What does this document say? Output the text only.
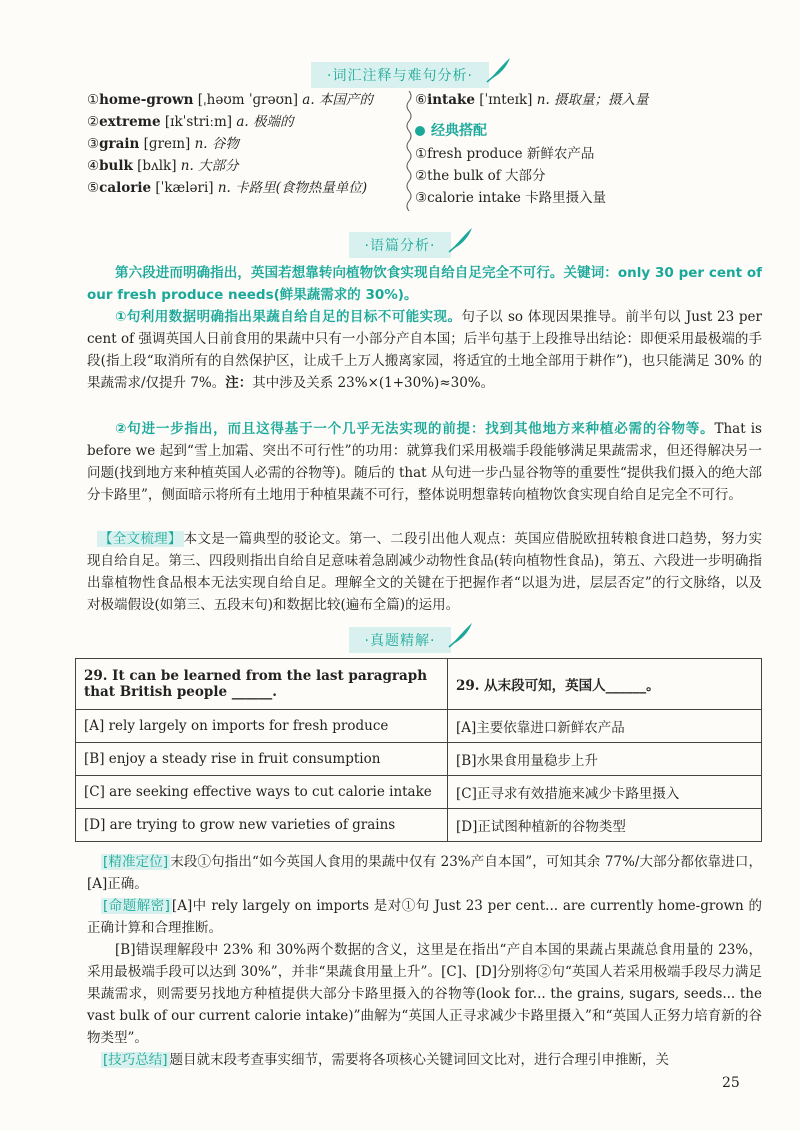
·词汇注释与难句分析·
①home-grown [ˌhəʊm ˈɡrəʊn] a. 本国产的
②extreme [ɪkˈstriːm] a. 极端的
③grain [ɡreɪn] n. 谷物
④bulk [bʌlk] n. 大部分
⑤calorie [ˈkæləri] n. 卡路里(食物热量单位)
⑥intake [ˈɪnteɪk] n. 摄取量；摄入量
经典搭配
①fresh produce 新鲜农产品
②the bulk of 大部分
③calorie intake 卡路里摄入量
·语篇分析·
第六段进而明确指出，英国若想靠转向植物饮食实现自给自足完全不可行。关键词：only 30 per cent of our fresh produce needs(鲜果蔬需求的 30%)。
①句利用数据明确指出果蔬自给自足的目标不可能实现。句子以 so 体现因果推导。前半句以 Just 23 per cent of 强调英国人日前食用的果蔬中只有一小部分产自本国；后半句基于上段推导出结论：即便采用最极端的手段(指上段“取消所有的自然保护区，让成千上万人搬离家园，将适宜的土地全部用于耕作”)，也只能满足 30% 的果蔬需求/仅提升 7%。注：其中涉及关系 23%×(1+30%)≈30%。
②句进一步指出，而且这得基于一个几乎无法实现的前提：找到其他地方来种植必需的谷物等。That is before we 起到“雪上加霜、突出不可行性”的功用：就算我们采用极端手段能够满足果蔬需求，但还得解决另一问题(找到地方来种植英国人必需的谷物等)。随后的 that 从句进一步凸显谷物等的重要性“提供我们摄入的绝大部分卡路里”，侧面暗示将所有土地用于种植果蔬不可行，整体说明想靠转向植物饮食实现自给自足完全不可行。
【全文梳理】 本文是一篇典型的驳论文。第一、二段引出他人观点：英国应借脱欧扭转粮食进口趋势，努力实现自给自足。第三、四段则指出自给自足意味着急剧减少动物性食品(转向植物性食品)，第五、六段进一步明确指出靠植物性食品根本无法实现自给自足。理解全文的关键在于把握作者“以退为进，层层否定”的行文脉络，以及对极端假设(如第三、五段末句)和数据比较(遍布全篇)的运用。
·真题精解·
29. It can be learned from the last paragraph that British people ______.	29. 从末段可知，英国人______。
[A] rely largely on imports for fresh produce	[A]主要依靠进口新鲜农产品
[B] enjoy a steady rise in fruit consumption	[B]水果食用量稳步上升
[C] are seeking effective ways to cut calorie intake	[C]正寻求有效措施来减少卡路里摄入
[D] are trying to grow new varieties of grains	[D]正试图种植新的谷物类型
[精准定位] 末段①句指出“如今英国人食用的果蔬中仅有 23%产自本国”，可知其余 77%/大部分都依靠进口，[A]正确。
[命题解密] [A]中 rely largely on imports 是对①句 Just 23 per cent... are currently home-grown 的正确计算和合理推断。
[B]错误理解段中 23% 和 30%两个数据的含义，这里是在指出“产自本国的果蔬占果蔬总食用量的 23%，采用最极端手段可以达到 30%”，并非“果蔬食用量上升”。[C]、[D]分别将②句“英国人若采用极端手段尽力满足果蔬需求，则需要另找地方种植提供大部分卡路里摄入的谷物等(look for... the grains, sugars, seeds... the vast bulk of our current calorie intake)”曲解为“英国人正寻求减少卡路里摄入”和“英国人正努力培育新的谷物类型”。
[技巧总结] 题目就末段考查事实细节，需要将各项核心关键词回文比对，进行合理引申推断，关
25
